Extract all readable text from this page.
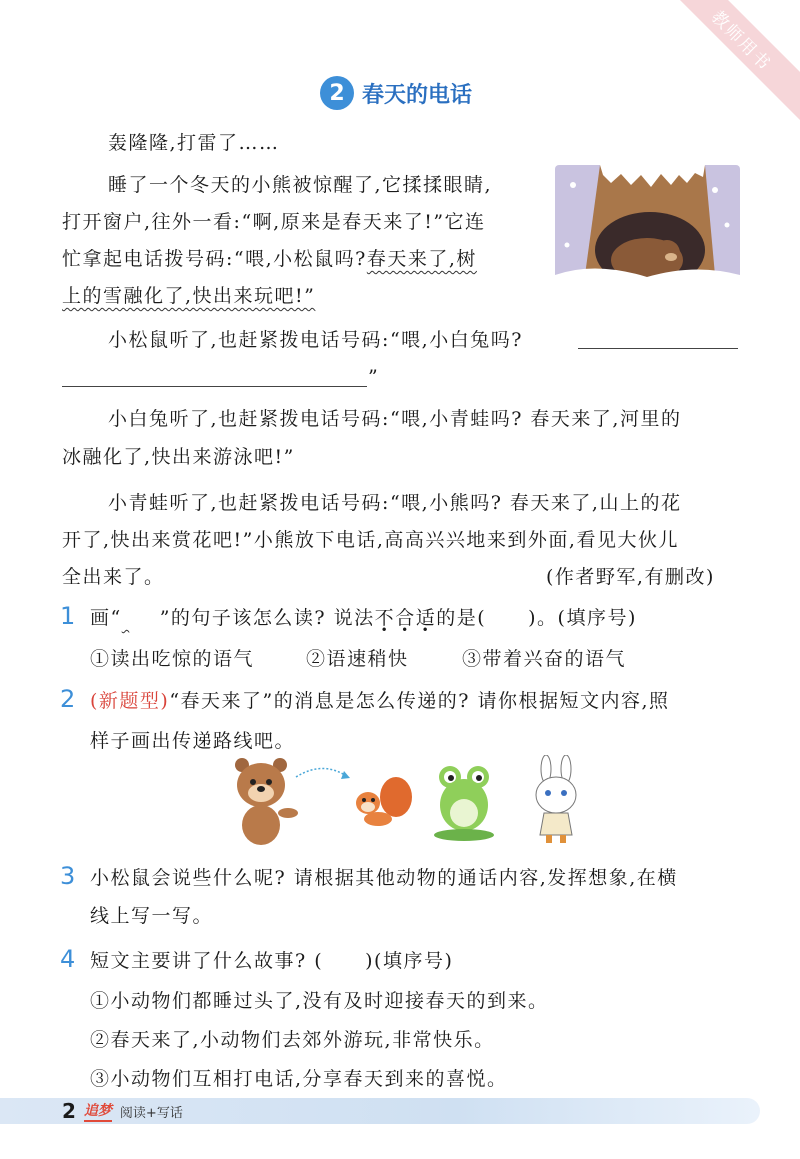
教师用书
2 春天的电话
轰隆隆,打雷了……
睡了一个冬天的小熊被惊醒了,它揉揉眼睛,
打开窗户,往外一看:“啊,原来是春天来了!”它连
忙拿起电话拨号码:“喂,小松鼠吗?春天来了,树
上的雪融化了,快出来玩吧!”
小松鼠听了,也赶紧拨电话号码:“喂,小白兔吗?
”
小白兔听了,也赶紧拨电话号码:“喂,小青蛙吗? 春天来了,河里的
冰融化了,快出来游泳吧!”
小青蛙听了,也赶紧拨电话号码:“喂,小熊吗? 春天来了,山上的花
开了,快出来赏花吧!”小熊放下电话,高高兴兴地来到外面,看见大伙儿
全出来了。	(作者野军,有删改)
1 画“ ”的句子该怎么读? 说法不合适的是( )。(填序号)
①读出吃惊的语气	②语速稍快	③带着兴奋的语气
2 (新题型)“春天来了”的消息是怎么传递的? 请你根据短文内容,照
样子画出传递路线吧。
3 小松鼠会说些什么呢? 请根据其他动物的通话内容,发挥想象,在横
线上写一写。
4 短文主要讲了什么故事? ( )(填序号)
①小动物们都睡过头了,没有及时迎接春天的到来。
②春天来了,小动物们去郊外游玩,非常快乐。
③小动物们互相打电话,分享春天到来的喜悦。
2 追梦 阅读+写话
